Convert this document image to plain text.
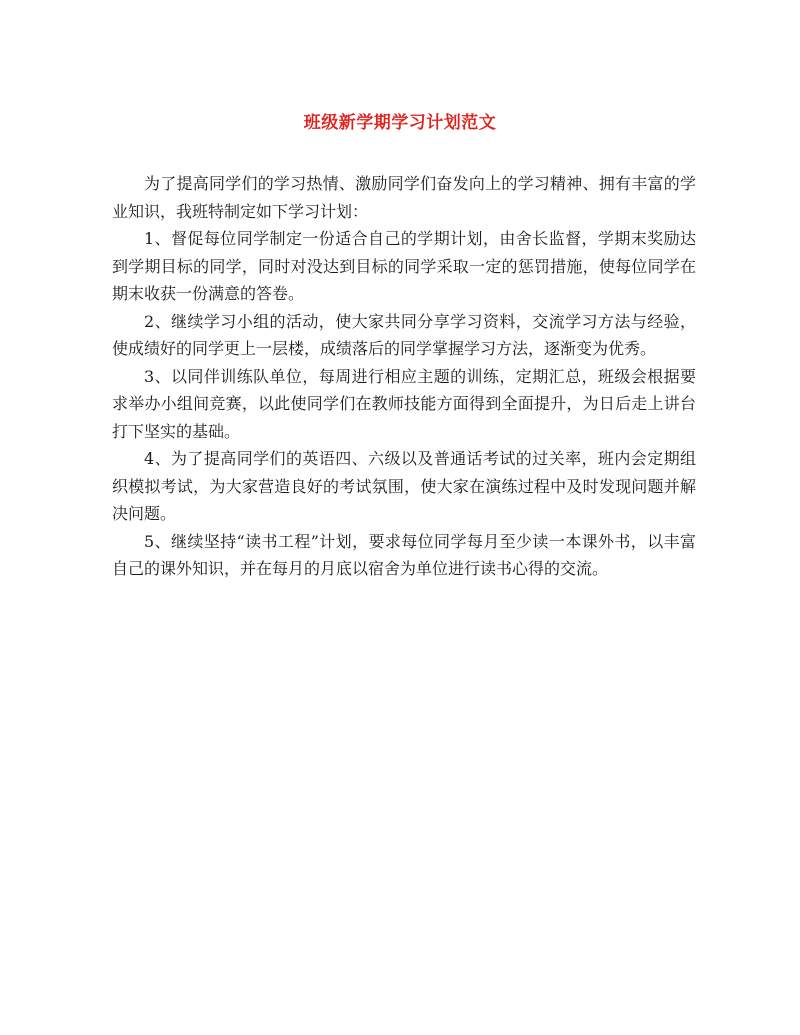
班级新学期学习计划范文

为了提高同学们的学习热情、激励同学们奋发向上的学习精神、拥有丰富的学业知识，我班特制定如下学习计划：

1、督促每位同学制定一份适合自己的学期计划，由舍长监督，学期末奖励达到学期目标的同学，同时对没达到目标的同学采取一定的惩罚措施，使每位同学在期末收获一份满意的答卷。

2、继续学习小组的活动，使大家共同分享学习资料，交流学习方法与经验，使成绩好的同学更上一层楼，成绩落后的同学掌握学习方法，逐渐变为优秀。

3、以同伴训练队单位，每周进行相应主题的训练，定期汇总，班级会根据要求举办小组间竞赛，以此使同学们在教师技能方面得到全面提升，为日后走上讲台打下坚实的基础。

4、为了提高同学们的英语四、六级以及普通话考试的过关率，班内会定期组织模拟考试，为大家营造良好的考试氛围，使大家在演练过程中及时发现问题并解决问题。

5、继续坚持“读书工程”计划，要求每位同学每月至少读一本课外书，以丰富自己的课外知识，并在每月的月底以宿舍为单位进行读书心得的交流。
